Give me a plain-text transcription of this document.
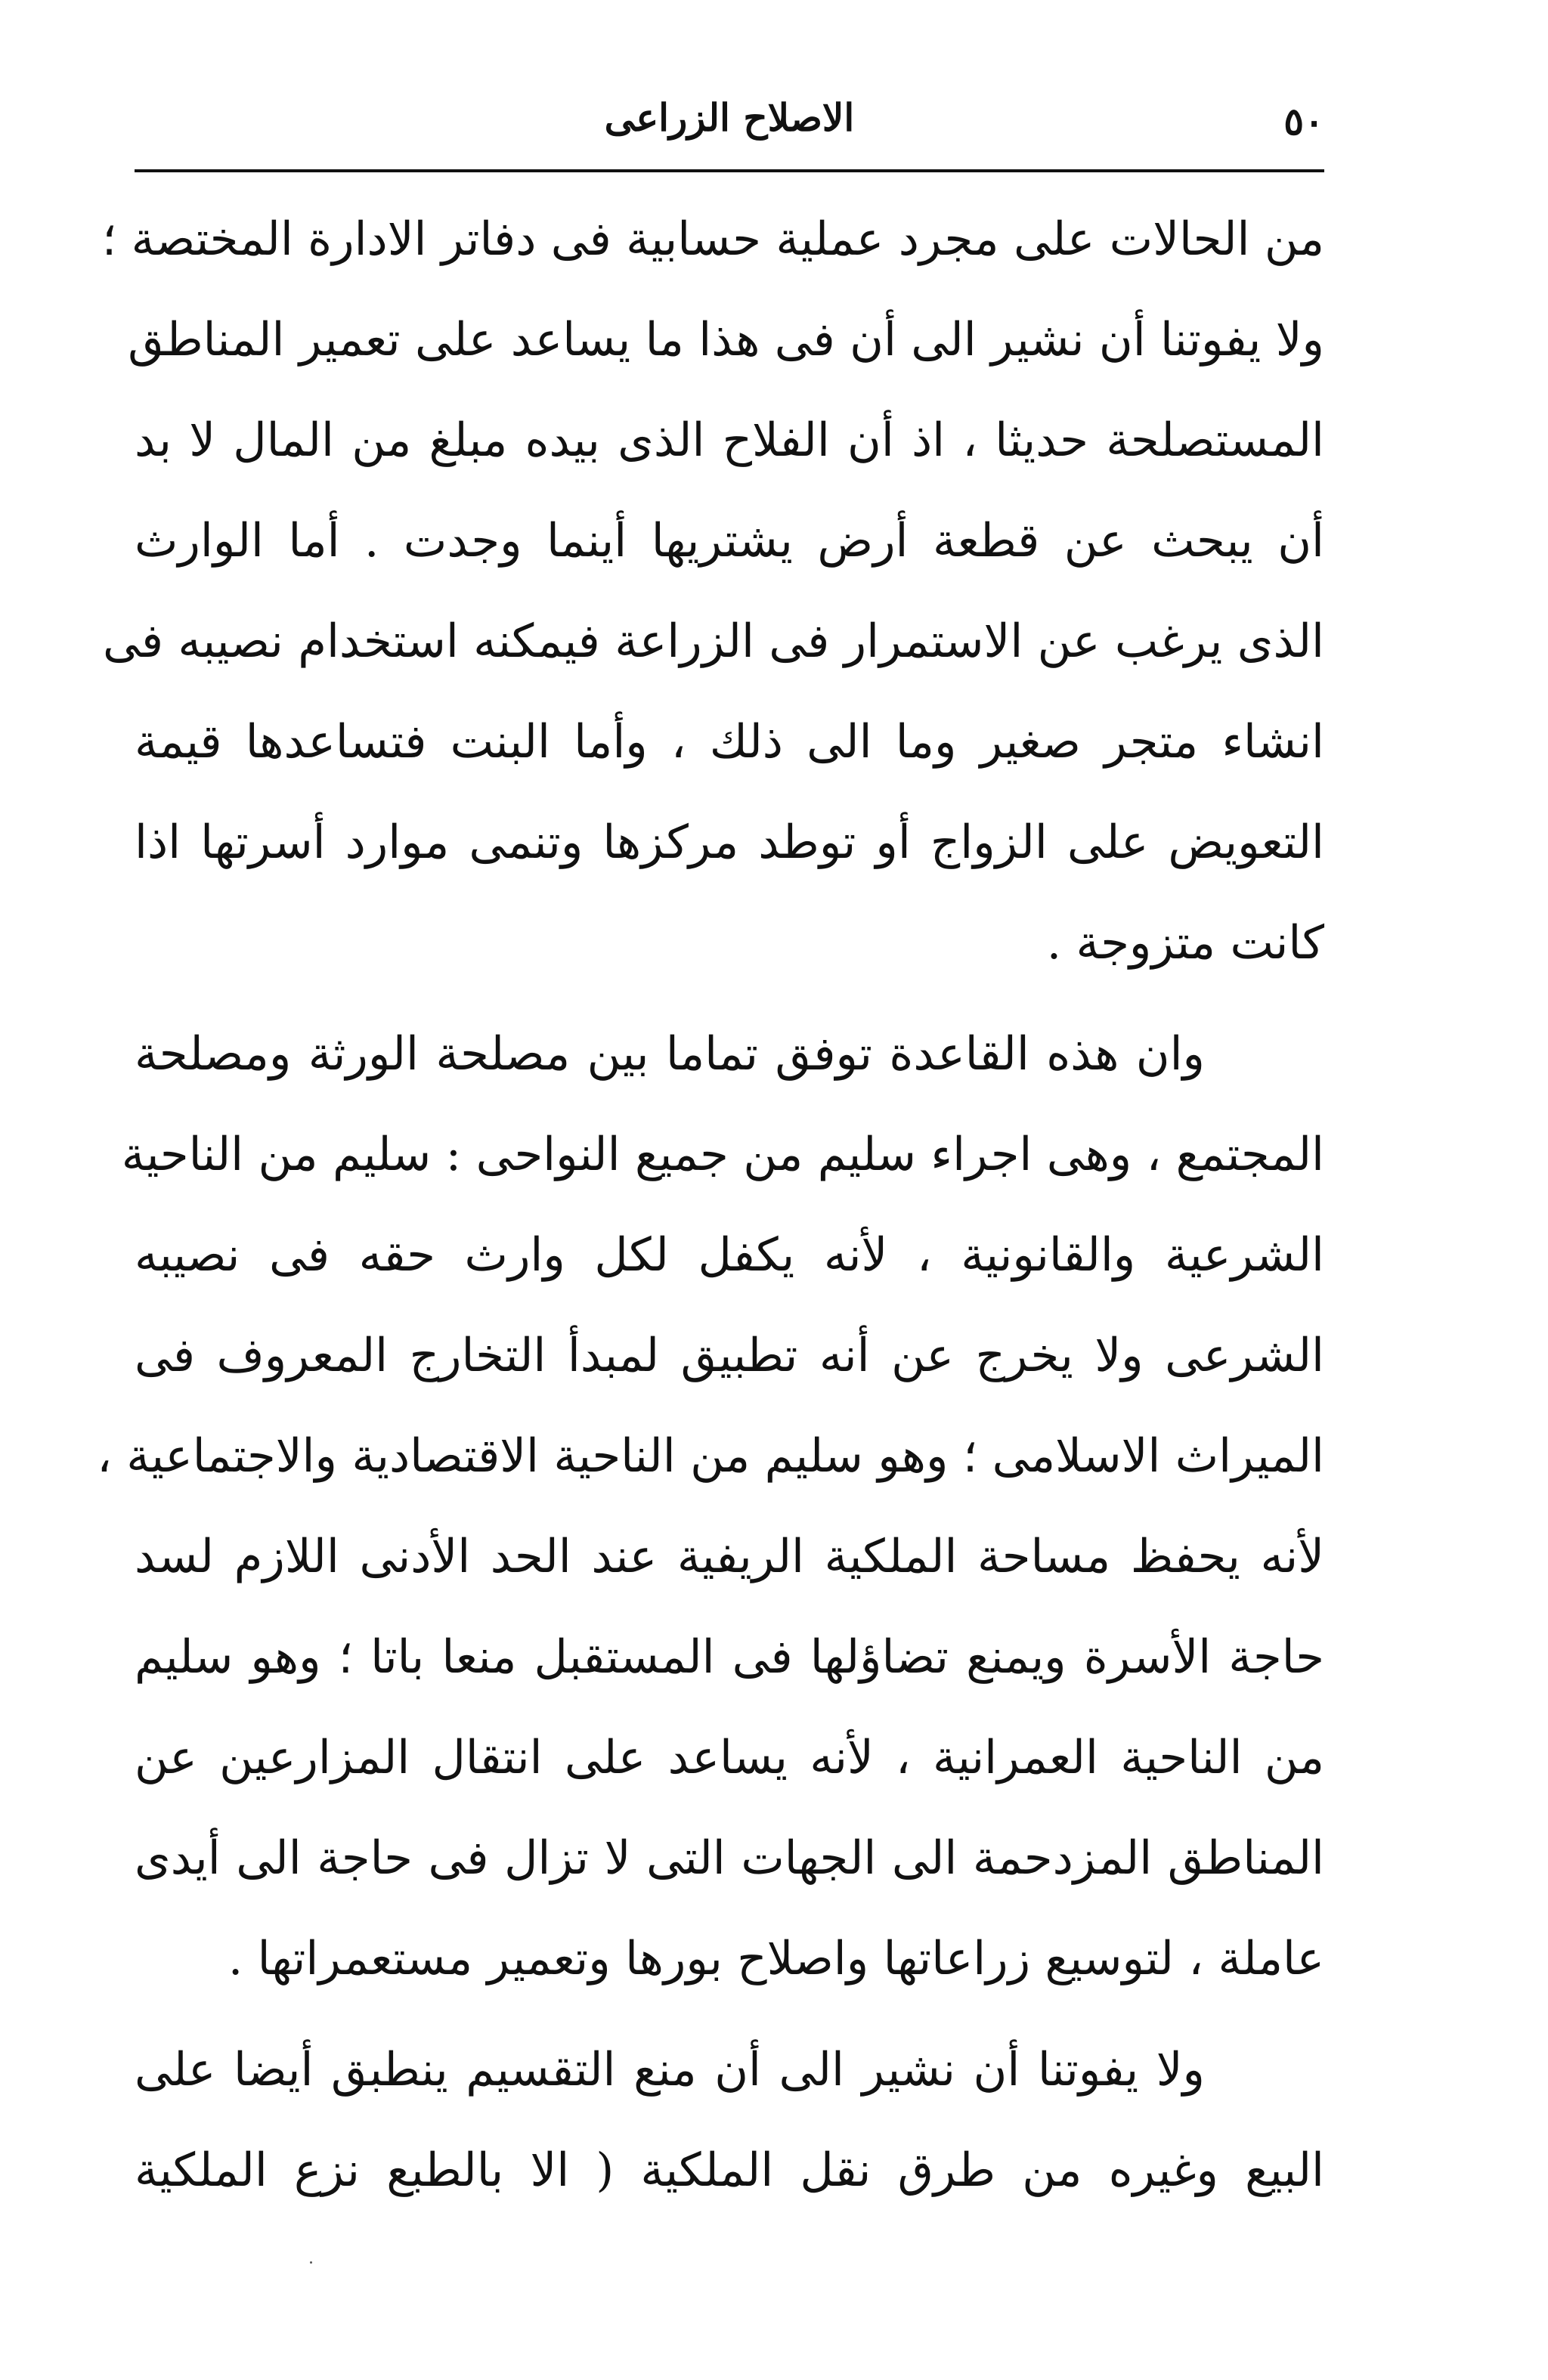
٥٠
الاصلاح الزراعى
من الحالات على مجرد عملية حسابية فى دفاتر الادارة المختصة ؛
ولا يفوتنا أن نشير الى أن فى هذا ما يساعد على تعمير المناطق
المستصلحة حديثا ، اذ أن الفلاح الذى بيده مبلغ من المال لا بد
أن يبحث عن قطعة أرض يشتريها أينما وجدت . أما الوارث
الذى يرغب عن الاستمرار فى الزراعة فيمكنه استخدام نصيبه فى
انشاء متجر صغير وما الى ذلك ، وأما البنت فتساعدها قيمة
التعويض على الزواج أو توطد مركزها وتنمى موارد أسرتها اذا
كانت متزوجة .
وان هذه القاعدة توفق تماما بين مصلحة الورثة ومصلحة
المجتمع ، وهى اجراء سليم من جميع النواحى : سليم من الناحية
الشرعية والقانونية ، لأنه يكفل لكل وارث حقه فى نصيبه
الشرعى ولا يخرج عن أنه تطبيق لمبدأ التخارج المعروف فى
الميراث الاسلامى ؛ وهو سليم من الناحية الاقتصادية والاجتماعية ،
لأنه يحفظ مساحة الملكية الريفية عند الحد الأدنى اللازم لسد
حاجة الأسرة ويمنع تضاؤلها فى المستقبل منعا باتا ؛ وهو سليم
من الناحية العمرانية ، لأنه يساعد على انتقال المزارعين عن
المناطق المزدحمة الى الجهات التى لا تزال فى حاجة الى أيدى
عاملة ، لتوسيع زراعاتها واصلاح بورها وتعمير مستعمراتها .
ولا يفوتنا أن نشير الى أن منع التقسيم ينطبق أيضا على
البيع وغيره من طرق نقل الملكية ( الا بالطبع نزع الملكية
